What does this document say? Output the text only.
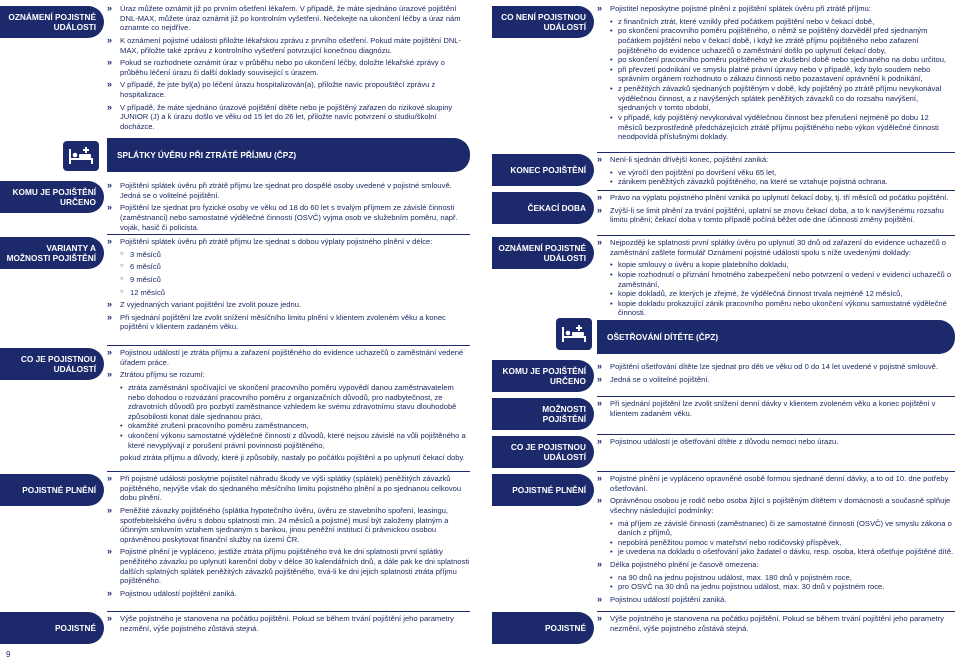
OZNÁMENÍ POJISTNÉ UDÁLOSTI
KOMU JE POJIŠTĚNÍ URČENO
VARIANTY A MOŽNOSTI POJIŠTĚNÍ
CO JE POJISTNOU UDÁLOSTÍ
POJISTNÉ PLNĚNÍ
POJISTNÉ
9

» Úraz můžete oznámit již po prvním ošetření lékařem. V případě, že máte sjednáno úrazové pojištění DNL-MAX, můžete úraz oznámit již po kontrolním vyšetření. Nečekejte na ukončení léčby a úraz nám oznamte co nejdříve.

» K oznámení pojistné události přiložte lékařskou zprávu z prvního ošetření. Pokud máte pojištění DNL-MAX, přiložte také zprávu z kontrolního vyšetření potvrzující konečnou diagnózu.

» Pokud se rozhodnete oznámit úraz v průběhu nebo po ukončení léčby, doložte lékařské zprávy o průběhu léčení úrazu či další doklady související s úrazem.

» V případě, že jste byl(a) po léčení úrazu hospitalizován(a), přiložte navíc propouštěcí zprávu z hospitalizace.

» V případě, že máte sjednáno úrazové pojištění dítěte nebo je pojištěný zařazen do rizikové skupiny JUNIOR (J) a k úrazu došlo ve věku od 15 let do 26 let, přiložte navíc potvrzení o studiu/školní docházce.

SPLÁTKY ÚVĚRU PŘI ZTRÁTĚ PŘÍJMU (ČPZ)

» Pojištění splátek úvěru při ztrátě příjmu lze sjednat pro dospělé osoby uvedené v pojistné smlouvě. Jedná se o volitelné pojištění.

» Pojištění lze sjednat pro fyzické osoby ve věku od 18 do 60 let s trvalým příjmem ze závislé činnosti (zaměstnanci) nebo samostatné výdělečné činnosti (OSVČ) vyjma osob ve služebním poměru, např. voják, hasič či policista.

» Pojištění splátek úvěru při ztrátě příjmu lze sjednat s dobou výplaty pojistného plnění v délce:

○ 3 měsíců
○ 6 měsíců
○ 9 měsíců
○ 12 měsíců

» Z vyjednaných variant pojištění lze zvolit pouze jednu.

» Při sjednání pojištění lze zvolit snížení měsíčního limitu plnění v klientem zvoleném věku a konec pojištění v klientem zadaném věku.

» Pojistnou událostí je ztráta příjmu a zařazení pojištěného do evidence uchazečů o zaměstnání vedené úřadem práce.

» Ztrátou příjmu se rozumí:

• ztráta zaměstnání spočívající ve skončení pracovního poměru vypovědí danou zaměstnavatelem nebo dohodou o rozvázání pracovního poměru z organizačních důvodů, pro nadbytečnost, ze zdravotních důvodů pro pozbytí zaměstnance vzhledem ke svému zdravotnímu stavu dlouhodobě způsobilosti konat dále sjednanou práci,
• okamžité zrušení pracovního poměru zaměstnancem,
• ukončení výkonu samostatné výdělečné činnosti z důvodů, které nejsou závislé na vůli pojištěného a které nevyplývají z porušení právní povinnosti pojištěného,
pokud ztráta příjmu a důvody, které ji způsobily, nastaly po počátku pojištění a po uplynutí čekací doby.

» Při pojistné události poskytne pojistitel náhradu škody ve výši splátky (splátek) peněžitých závazků pojištěného, nejvýše však do sjednaného měsíčního limitu pojistného plnění a po sjednanou celkovou dobu plnění.

» Peněžité závazky pojištěného (splátka hypotečního úvěru, úvěru ze stavebního spoření, leasingu, spotřebitelského úvěru s dobou splatnosti min. 24 měsíců a pojistné) musí být založeny platným a účinným smluvním vztahem sjednaným s bankou, jinou peněžní institucí či právnickou osobou oprávněnou poskytovat finanční služby na území ČR.

» Pojistné plnění je vypláceno, jestliže ztráta příjmu pojištěného trvá ke dni splatnosti první splátky peněžitého závazku po uplynutí karenční doby v délce 30 kalendářních dnů, a dále pak ke dni splatnosti dalších splatných splátek peněžitých závazků pojištěného, trvá-li ke dni jejich splatnosti ztráta příjmu pojištěného.

» Pojistnou událostí pojištění zaniká.

» Výše pojistného je stanovena na počátku pojištění. Pokud se během trvání pojištění jeho parametry nezmění, výše pojistného zůstává stejná.

CO NENÍ POJISTNOU UDÁLOSTÍ
KONEC POJIŠTĚNÍ
ČEKACÍ DOBA
OZNÁMENÍ POJISTNÉ UDÁLOSTI
KOMU JE POJIŠTĚNÍ URČENO
MOŽNOSTI POJIŠTĚNÍ
CO JE POJISTNOU UDÁLOSTÍ
POJISTNÉ PLNĚNÍ
POJISTNÉ

» Pojistitel neposkytne pojistné plnění z pojištění splátek úvěru při ztrátě příjmu:

• z finančních ztrát, které vznikly před počátkem pojištění nebo v čekací době,
• po skončení pracovního poměru pojištěného, o němž se pojištěný dozvěděl před sjednaným počátkem pojištění nebo v čekací době, i když ke ztrátě příjmu pojištěného nebo zařazení pojištěného do evidence uchazečů o zaměstnání došlo po uplynutí čekací doby,
• po skončení pracovního poměru pojištěného ve zkušební době nebo sjednaného na dobu určitou,
• při převzetí podnikání ve smyslu platné právní úpravy nebo v případě, kdy bylo soudem nebo správním orgánem rozhodnuto o zákazu činnosti nebo pozastavení oprávnění k podnikání,
• z peněžitých závazků sjednaných pojištěným v době, kdy pojištěný po ztrátě příjmu nevykonával výdělečnou činnost, a z navýšených splátek peněžitých závazků co do rozsahu navýšení, sjednaných v tomto období,
• v případě, kdy pojištěný nevykonával výdělečnou činnost bez přerušení nejméně po dobu 12 měsíců bezprostředně předcházejících ztrátě příjmu pojištěného nebo výkon výdělečné činnosti neodpovídá příslušnými doklady.

» Není-li sjednán dřívější konec, pojištění zaniká:

• ve výročí den pojištění po dovršení věku 65 let,
• zánikem peněžitých závazků pojištěného, na které se vztahuje pojistná ochrana.

» Právo na výplatu pojistného plnění vzniká po uplynutí čekací doby, tj. tří měsíců od počátku pojištění.

» Zvýší-li se limit plnění za trvání pojištění, uplatní se znovu čekací doba, a to k navýšenému rozsahu limitu plnění; čekací doba v tomto případě počíná běžet ode dne účinnosti změny pojištění.

» Nejpozději ke splatnosti první splátky úvěru po uplynutí 30 dnů od zařazení do evidence uchazečů o zaměstnání zašlete formulář Oznámení pojistné události spolu s níže uvedenými doklady:

• kopie smlouvy o úvěru a kopie platebního dokladu,
• kopie rozhodnutí o přiznání hmotného zabezpečení nebo potvrzení o vedení v evidenci uchazečů o zaměstnání,
• kopie dokladů, ze kterých je zřejmé, že výdělečná činnost trvala nejméně 12 měsíců,
• kopie dokladu prokazující zánik pracovního poměru nebo ukončení výkonu samostatné výdělečné činnosti.
OŠETŘOVÁNÍ DÍTĚTE (ČPZ)

» Pojištění ošetřování dítěte lze sjednat pro děti ve věku od 0 do 14 let uvedené v pojistné smlouvě.

» Jedná se o volitelné pojištění.

» Při sjednání pojištění lze zvolit snížení denní dávky v klientem zvoleném věku a konec pojištění v klientem zadaném věku.

» Pojistnou událostí je ošetřování dítěte z důvodu nemoci nebo úrazu.

» Pojistné plnění je vypláceno opravněné osobě formou sjednané denní dávky, a to od 10. dne potřeby ošetřování.

» Oprávněnou osobou je rodič nebo osoba žijící s pojištěným dítětem v domácnosti a současně splňuje všechny následující podmínky:

• má příjem ze závislé činnosti (zaměstnanec) či ze samostatné činnosti (OSVČ) ve smyslu zákona o daních z příjmů,
• nepobírá peněžitou pomoc v mateřství nebo rodičovský příspěvek,
• je uvedena na dokladu o ošetřování jako žadatel o dávku, resp. osoba, která ošetřuje pojištěné dítě.

» Délka pojistného plnění je časově omezena:

• na 90 dnů na jednu pojistnou událost, max. 180 dnů v pojistném roce,
• pro OSVČ na 30 dnů na jednu pojistnou událost, max. 30 dnů v pojistném roce.

» Pojistnou událostí pojištění zaniká.

» Výše pojistného je stanovena na počátku pojištění. Pokud se během trvání pojištění jeho parametry nezmění, výše pojistného zůstává stejná.
